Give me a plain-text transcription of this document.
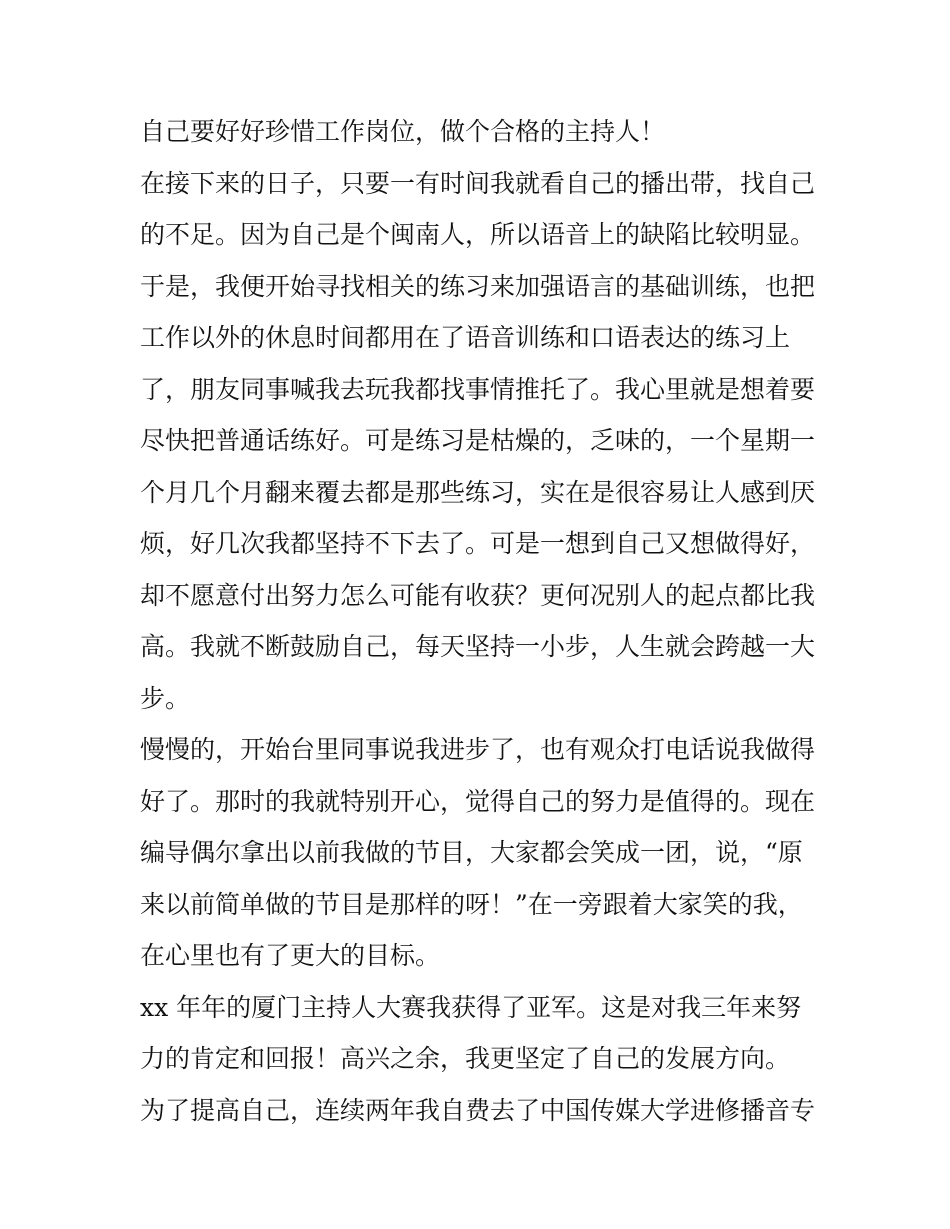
自己要好好珍惜工作岗位，做个合格的主持人！
在接下来的日子，只要一有时间我就看自己的播出带，找自己
的不足。因为自己是个闽南人，所以语音上的缺陷比较明显。
于是，我便开始寻找相关的练习来加强语言的基础训练，也把
工作以外的休息时间都用在了语音训练和口语表达的练习上
了，朋友同事喊我去玩我都找事情推托了。我心里就是想着要
尽快把普通话练好。可是练习是枯燥的，乏味的，一个星期一
个月几个月翻来覆去都是那些练习，实在是很容易让人感到厌
烦，好几次我都坚持不下去了。可是一想到自己又想做得好，
却不愿意付出努力怎么可能有收获？更何况别人的起点都比我
高。我就不断鼓励自己，每天坚持一小步，人生就会跨越一大
步。
慢慢的，开始台里同事说我进步了，也有观众打电话说我做得
好了。那时的我就特别开心，觉得自己的努力是值得的。现在
编导偶尔拿出以前我做的节目，大家都会笑成一团，说，“原
来以前简单做的节目是那样的呀！”在一旁跟着大家笑的我，
在心里也有了更大的目标。
xx 年年的厦门主持人大赛我获得了亚军。这是对我三年来努
力的肯定和回报！高兴之余，我更坚定了自己的发展方向。
为了提高自己，连续两年我自费去了中国传媒大学进修播音专
